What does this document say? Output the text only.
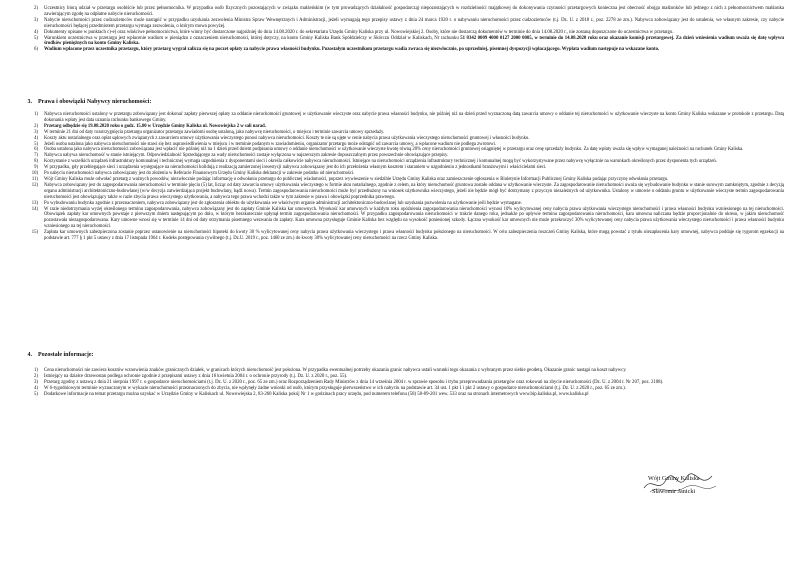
2)	Uczestnicy biorą udział w przetargu osobiście lub przez pełnomocnika. W przypadku osób fizycznych pozostających w związku małżeńskim (w tym prowadzących działalność gospodarczą) niepozostających w rozdzielności majątkowej do dokonywania czynności przetargowych konieczna jest obecność obojga małżonków lub jednego z nich z pełnomocnictwem małżonka zawierającym zgodę na odpłatne nabycie nieruchomości.
3)	Nabycie nieruchomości przez cudzoziemców może nastąpić w przypadku uzyskania zezwolenia Ministra Spraw Wewnętrznych i Administracji, jeżeli wymagają tego przepisy ustawy z dnia 24 marca 1920 r. o nabywaniu nieruchomości przez cudzoziemców (t.j. Dz. U. z 2018 r., poz. 2278 ze zm.). Nabywca zobowiązany jest do ustalenia, we własnym zakresie, czy nabycie nieruchomości będącej przedmiotem przetargu wymaga zezwolenia, o którym mowa powyżej.
4)	Dokumenty opisane w punktach c)-e) oraz właściwe pełnomocnictwa, które winny być dostarczone najpóźniej do dnia 14.08.2020 r. do sekretariatu Urzędu Gminy Kaliska przy ul. Nowowiejskiej 2. Osoby, które nie dostarczą dokumentów w terminie do dnia 14.08.2020 r., nie zostaną dopuszczone do uczestnictwa w przetargu.
5)	Warunkiem uczestnictwa w przetargu jest wpłacenie wadium w pieniądzu z oznaczeniem nieruchomości, której dotyczy, na konto Gminy Kaliska Bank Spółdzielczy w Skórczu Oddział w Kaliskach, Nr rachunku 51 8342 0009 4000 0127 2000 0005, w terminie do 14.08.2020 roku oraz okazanie komisji przetargowej. Za dzień wniesienia wadium uważa się datę wpływu środków pieniężnych na konto Gminy Kaliska.
6)	Wadium wpłacone przez uczestnika przetargu, który przetarg wygrał zalicza się na poczet opłaty za nabycie prawa własności budynku. Pozostałym uczestnikom przetargu wadia zwraca się niezwłocznie, po uprzedniej, pisemnej dyspozycji wpłacającego. Wypłata wadium następuje na wskazane konto.
3. Prawa i obowiązki Nabywcy nieruchomości:
1)	Nabywca nieruchomości ustalony w przetargu zobowiązany jest dokonać zapłaty pierwszej opłaty za oddanie nieruchomości gruntowej w użytkowanie wieczyste oraz nabycie prawa własności budynku, nie później niż na dzień przed wyznaczoną datą zawarcia umowy o oddanie tej nieruchomości w użytkowanie wieczyste na konto Gminy Kaliska wskazane w protokole z przetargu. Datą dokonania wpłaty jest data uznania rachunku bankowego Gminy.
2)	Przetarg odbędzie się 19.08.2020 roku o godz. 15.00 w Urzędzie Gminy Kaliska ul. Nowowiejska 2 w sali narad.
3)	W terminie 21 dni od daty rozstrzygnięcia przetargu organizator przetargu zawiadomi osobę ustaloną, jako nabywcę nieruchomości, o miejscu i terminie zawarcia umowy sprzedaży.
4)	Koszty aktu notarialnego oraz opłat sądowych związanych z zawarciem umowy użytkowania wieczystego ponosi nabywca nieruchomości. Koszty te nie są ujęte w cenie nabycia prawa użytkowania wieczystego nieruchomości gruntowej i własności budynku.
5)	Jeżeli osoba ustalona jako nabywca nieruchomości nie stawi się bez usprawiedliwienia w miejscu i w terminie podanym w zawiadomieniu, organizator przetargu może odstąpić od zawarcia umowy, a wpłacone wadium nie podlega zwrotowi.
6)	Osoba ustalona jako nabywca nieruchomości zobowiązana jest wpłacić nie później niż na 1 dzień przed dniem podpisania umowy o oddanie nieruchomości w użytkowanie wieczyste kwotę równą 20% ceny nieruchomości gruntowej osiągniętej w przetargu oraz cenę sprzedaży budynku. Za datę wpłaty uważa się wpływ wymaganej należności na rachunek Gminy Kaliska.
7)	Nabywca nabywa nieruchomość w stanie istniejącym. Odpowiedzialność Sprzedającego za wady nieruchomości zostaje wyłączona w najszerszym zakresie dopuszczalnym przez powszechnie obowiązujące przepisy.
8)	Korzystanie z wszelkich urządzeń infrastruktury komunalnej i technicznej wymaga uzgodnienia z dysponentami sieci i określa całkowicie nabywca nieruchomości. Istniejące na nieruchomości urządzenia infrastruktury technicznej i komunalnej mogą być wykorzystywane przez nabywcę wyłącznie na warunkach określonych przez dysponenta tych urządzeń.
9)	W przypadku, gdy przebiegające sieci i urządzenia występujące na nieruchomości kolidują z realizacją zamierzonej inwestycji nabywca zobowiązany jest do ich przełożenia własnym kosztem i staraniem w uzgodnieniu z jednostkami branżowymi i właścicielami sieci.
10)	Po nabyciu nieruchomości nabywca zobowiązany jest do złożenia w Referacie Finansowym Urzędu Gminy Kaliska deklaracji w zakresie podatku od nieruchomości.
11)	Wójt Gminy Kaliska może odwołać przetarg z ważnych powodów, niezwłocznie podając informację o odwołaniu przetargu do publicznej wiadomości, poprzez wywieszenie w siedzibie Urzędu Gminy Kaliska oraz zamieszczenie ogłoszenia w Biuletynie Informacji Publicznej Gminy Kaliska podając przyczynę odwołania przetargu.
12)	Nabywca zobowiązany jest do zagospodarowania nieruchomości w terminie pięciu (5) lat, licząc od daty zawarcia umowy użytkowania wieczystego w formie aktu notarialnego, zgodnie z celem, na który nieruchomość gruntowa zostało oddana w użytkowanie wieczyste. Za zagospodarowanie nieruchomości uważa się wybudowanie budynku w stanie surowym zamkniętym, zgodnie z decyzją organu administracji architektoniczno-budowlanej (w/w decyzja zatwierdzająca projekt budowlany, bądź nowa). Termin zagospodarowania nieruchomości może być przedłużony na wniosek użytkownika wieczystego, jeżeli nie będzie mógł być dotrzymany z przyczyn niezależnych od użytkownika. Ustalony w umowie o oddaniu gruntu w użytkowanie wieczyste termin zagospodarowania nieruchomości jest obowiązujący także w razie zbycia prawa wieczystego użytkowania, a nabywca tego prawa wchodzi także w tym zakresie w prawa i obowiązki poprzednika prawnego.
13)	Po wybudowaniu budynku zgodnie z przeznaczeniem, nabywca zobowiązany jest do zgłoszenia obiektu do użytkowania we właściwym organie administracji architektoniczno-budowlanej lub uzyskania pozwolenia na użytkowanie jeśli będzie wymagane.
14)	W razie niedotrzymania wyżej określonego terminu zagospodarowania, nabywca zobowiązany jest do zapłaty Gminie Kaliska kar umownych. Wysokość kar umownych w każdym roku opóźnienia zagospodarowania nieruchomości wynosi 10% wylicytowanej ceny nabycia prawa użytkowania wieczystego nieruchomości i prawa własności budynku wzniesionego na tej nieruchomości. Obowiązek zapłaty kar umownych powstaje z pierwszym dniem następującym po dniu, w którym bezskutecznie upłynął termin zagospodarowania nieruchomości. W przypadku zagospodarowania nieruchomości w trakcie danego roku, jednakże po upływie terminu zagospodarowania nieruchomości, kara umowna naliczana będzie proporcjonalnie do okresu, w jakim nieruchomość pozostawała niezagospodarowana. Kary umowne wnosi się w terminie 14 dni od daty otrzymania pisemnego wezwania do zapłaty. Kara umowna przysługuje Gminie Kaliska bez względu na wysokość poniesionej szkody. Łączna wysokość kar umownych nie może przekroczyć 30% wylicytowanej ceny nabycia prawa użytkowania wieczystego nieruchomości i prawa własności budynku wzniesionego na tej nieruchomości.
15)	Zapłata kar umownych zabezpieczona zostanie poprzez ustanowienie na nieruchomości hipoteki do kwoty 30 % wylicytowanej ceny nabycia prawa użytkowania wieczystego i prawa własności budynku położonego na nieruchomości. W celu zabezpieczenia roszczeń Gminy Kaliska, które mogą powstać z tytułu niezapłacenia kary umownej, nabywca poddaje się rygorom egzekucji na podstawie art. 777 § 1 pkt 5 ustawy z dnia 17 listopada 1964 r. Kodeks postępowania cywilnego (t.j. Dz.U. 2019 r., poz. 1460 ze zm.) do kwoty 30% wylicytowanej ceny nieruchomości na rzecz Gminy Kaliska.
4. Pozostałe informacje:
1)	Cena nieruchomości nie zawiera kosztów wznowienia znaków granicznych działek, w granicach których nieruchomość jest położona. W przypadku ewentualnej potrzeby okazania granic nabywca ustali warunki tego okazania z wybranym przez siebie geodetą. Okazanie granic nastąpi na koszt nabywcy.
2)	Istniejący na działce drzewostan podlega ochronie zgodnie z przepisami ustawy z dnia 16 kwietnia 2004 r. o ochronie przyrody (t.j. Dz. U. z 2020 r., poz. 55).
3)	Przetarg zgodny z ustawą z dnia 21 sierpnia 1997 r. o gospodarce nieruchomościami (t.j. Dz. U. z 2020 r., poz. 65 ze zm.) oraz Rozporządzeniem Rady Ministrów z dnia 14 września 2004 r. w sprawie sposobu i trybu przeprowadzania przetargów oraz rokowań na zbycie nieruchomości (Dz. U. z 2004 r. Nr 207, poz. 2108).
4)	W 6-tygodniowym terminie wyznaczonym w wykazie nieruchomości przeznaczonych do zbycia, nie wpłynęły żadne wnioski od osób, którym przysługuje pierwszeństwo w ich nabyciu na podstawie art. 34 ust. 1 pkt 1 i pkt 2 ustawy o gospodarce nieruchomościami (t.j. Dz. U. z 2020 r., poz. 65 ze zm.).
5)	Dodatkowe informacje na temat przetargu można uzyskać w Urzędzie Gminy w Kaliskach ul. Nowowiejska 2, 83-260 Kaliska pokój Nr 1 w godzinach pracy urzędu, pod numerem telefonu (58) 58-89-201 wew. 533 oraz na stronach internetowych www.bip.kaliska.pl, www.kaliska.pl
Wójt Gminy Kaliska
Sławomir Janicki
